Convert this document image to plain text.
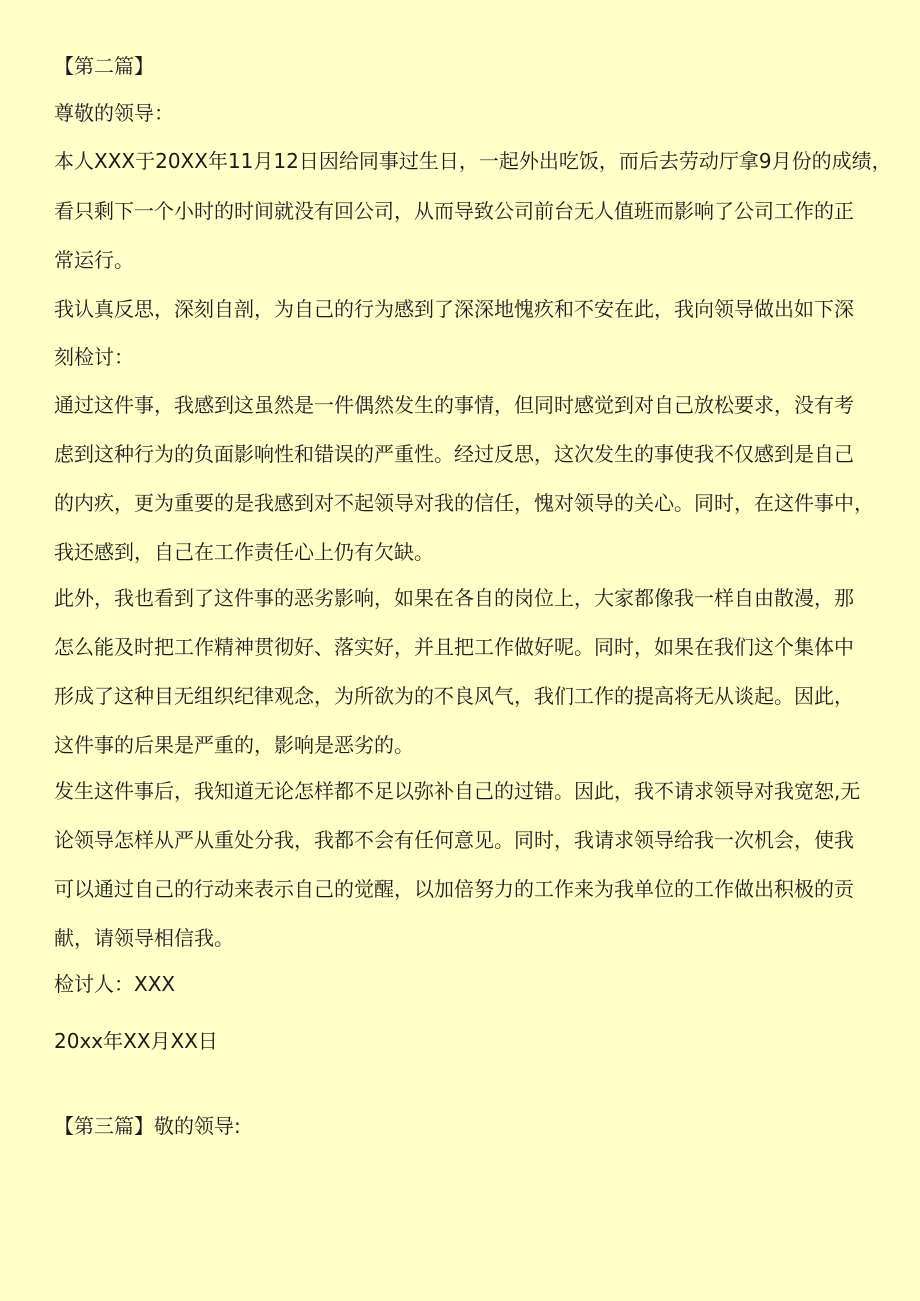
【第二篇】
尊敬的领导：
本人XXX于20XX年11月12日因给同事过生日，一起外出吃饭，而后去劳动厅拿9月份的成绩，
看只剩下一个小时的时间就没有回公司，从而导致公司前台无人值班而影响了公司工作的正
常运行。
我认真反思，深刻自剖，为自己的行为感到了深深地愧疚和不安在此，我向领导做出如下深
刻检讨：
通过这件事，我感到这虽然是一件偶然发生的事情，但同时感觉到对自己放松要求，没有考
虑到这种行为的负面影响性和错误的严重性。经过反思，这次发生的事使我不仅感到是自己
的内疚，更为重要的是我感到对不起领导对我的信任，愧对领导的关心。同时，在这件事中，
我还感到，自己在工作责任心上仍有欠缺。
此外，我也看到了这件事的恶劣影响，如果在各自的岗位上，大家都像我一样自由散漫，那
怎么能及时把工作精神贯彻好、落实好，并且把工作做好呢。同时，如果在我们这个集体中
形成了这种目无组织纪律观念，为所欲为的不良风气，我们工作的提高将无从谈起。因此，
这件事的后果是严重的，影响是恶劣的。
发生这件事后，我知道无论怎样都不足以弥补自己的过错。因此，我不请求领导对我宽恕,无
论领导怎样从严从重处分我，我都不会有任何意见。同时，我请求领导给我一次机会，使我
可以通过自己的行动来表示自己的觉醒，以加倍努力的工作来为我单位的工作做出积极的贡
献，请领导相信我。
检讨人：XXX
20xx年XX月XX日
【第三篇】敬的领导:
